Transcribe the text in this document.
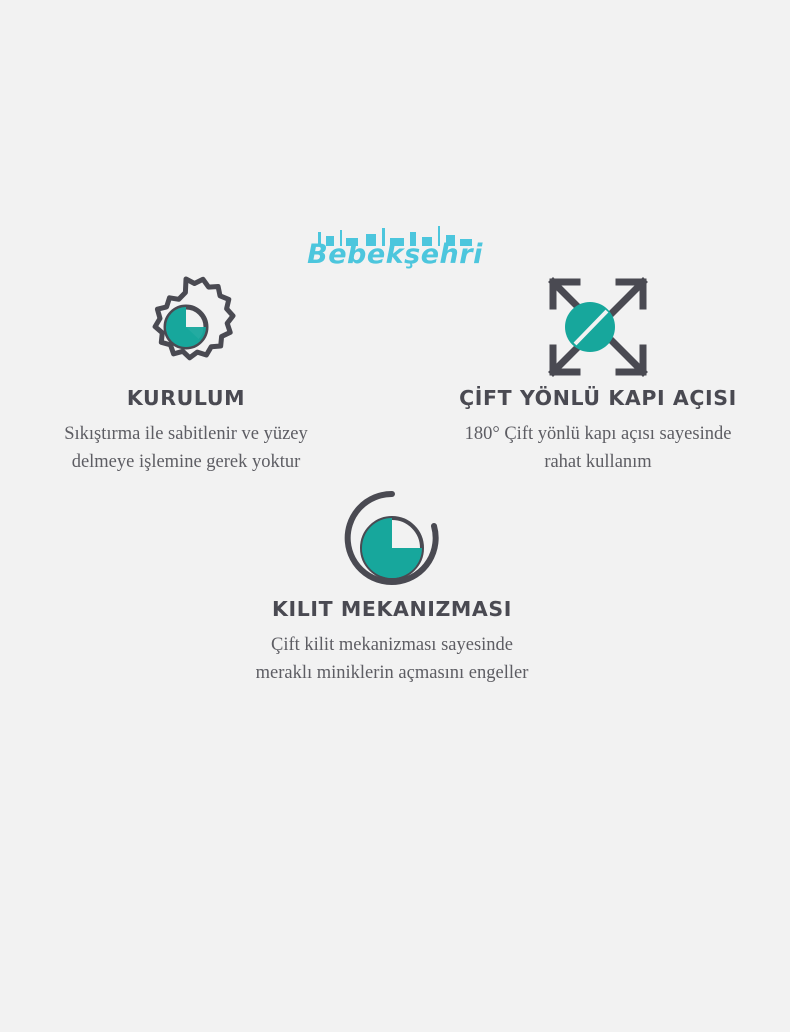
Bebekşehri
KURULUM
Sıkıştırma ile sabitlenir ve yüzey delmeye işlemine gerek yoktur
ÇİFT YÖNLÜ KAPI AÇISI
180° Çift yönlü kapı açısı sayesinde rahat kullanım
KILIT MEKANIZMASI
Çift kilit mekanizması sayesinde meraklı miniklerin açmasını engeller
